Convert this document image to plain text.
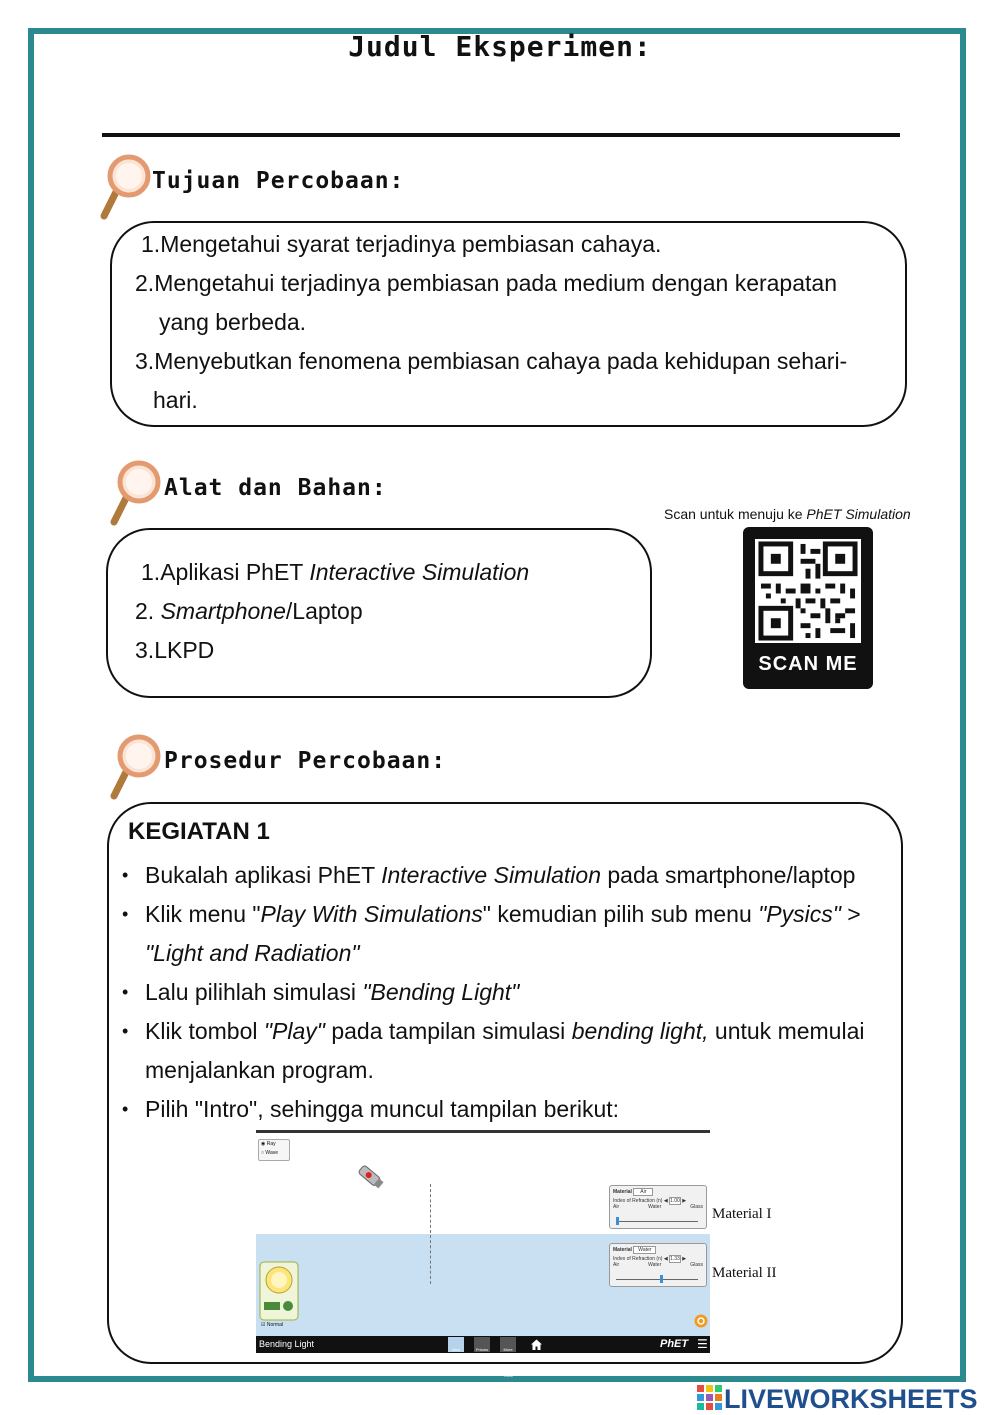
Judul Eksperimen:
Tujuan Percobaan:
1.Mengetahui syarat terjadinya pembiasan cahaya.
2.Mengetahui terjadinya pembiasan pada medium dengan kerapatan
yang berbeda.
3.Menyebutkan fenomena pembiasan cahaya pada kehidupan sehari-
hari.
Alat dan Bahan:
1.Aplikasi PhET Interactive Simulation
2. Smartphone/Laptop
3.LKPD
Scan untuk menuju ke PhET Simulation
SCAN ME
Prosedur Percobaan:
KEGIATAN 1
• Bukalah aplikasi PhET Interactive Simulation pada smartphone/laptop
• Klik menu "Play With Simulations" kemudian pilih sub menu "Pysics" >
"Light and Radiation"
• Lalu pilihlah simulasi "Bending Light"
• Klik tombol "Play" pada tampilan simulasi bending light, untuk memulai
menjalankan program.
• Pilih "Intro", sehingga muncul tampilan berikut:
◉ Ray
○ Wave
Material Air
Index of Refraction (n) ◀ 1.00 ▶
Air	Water	Glass
Material Water
Index of Refraction (n) ◀ 1.33 ▶
Air	Water	Glass
☑ Normal
Bending Light
Intro	Prisms	More Tools
PhET ☰
Material I
Material II
LIVEWORKSHEETS
